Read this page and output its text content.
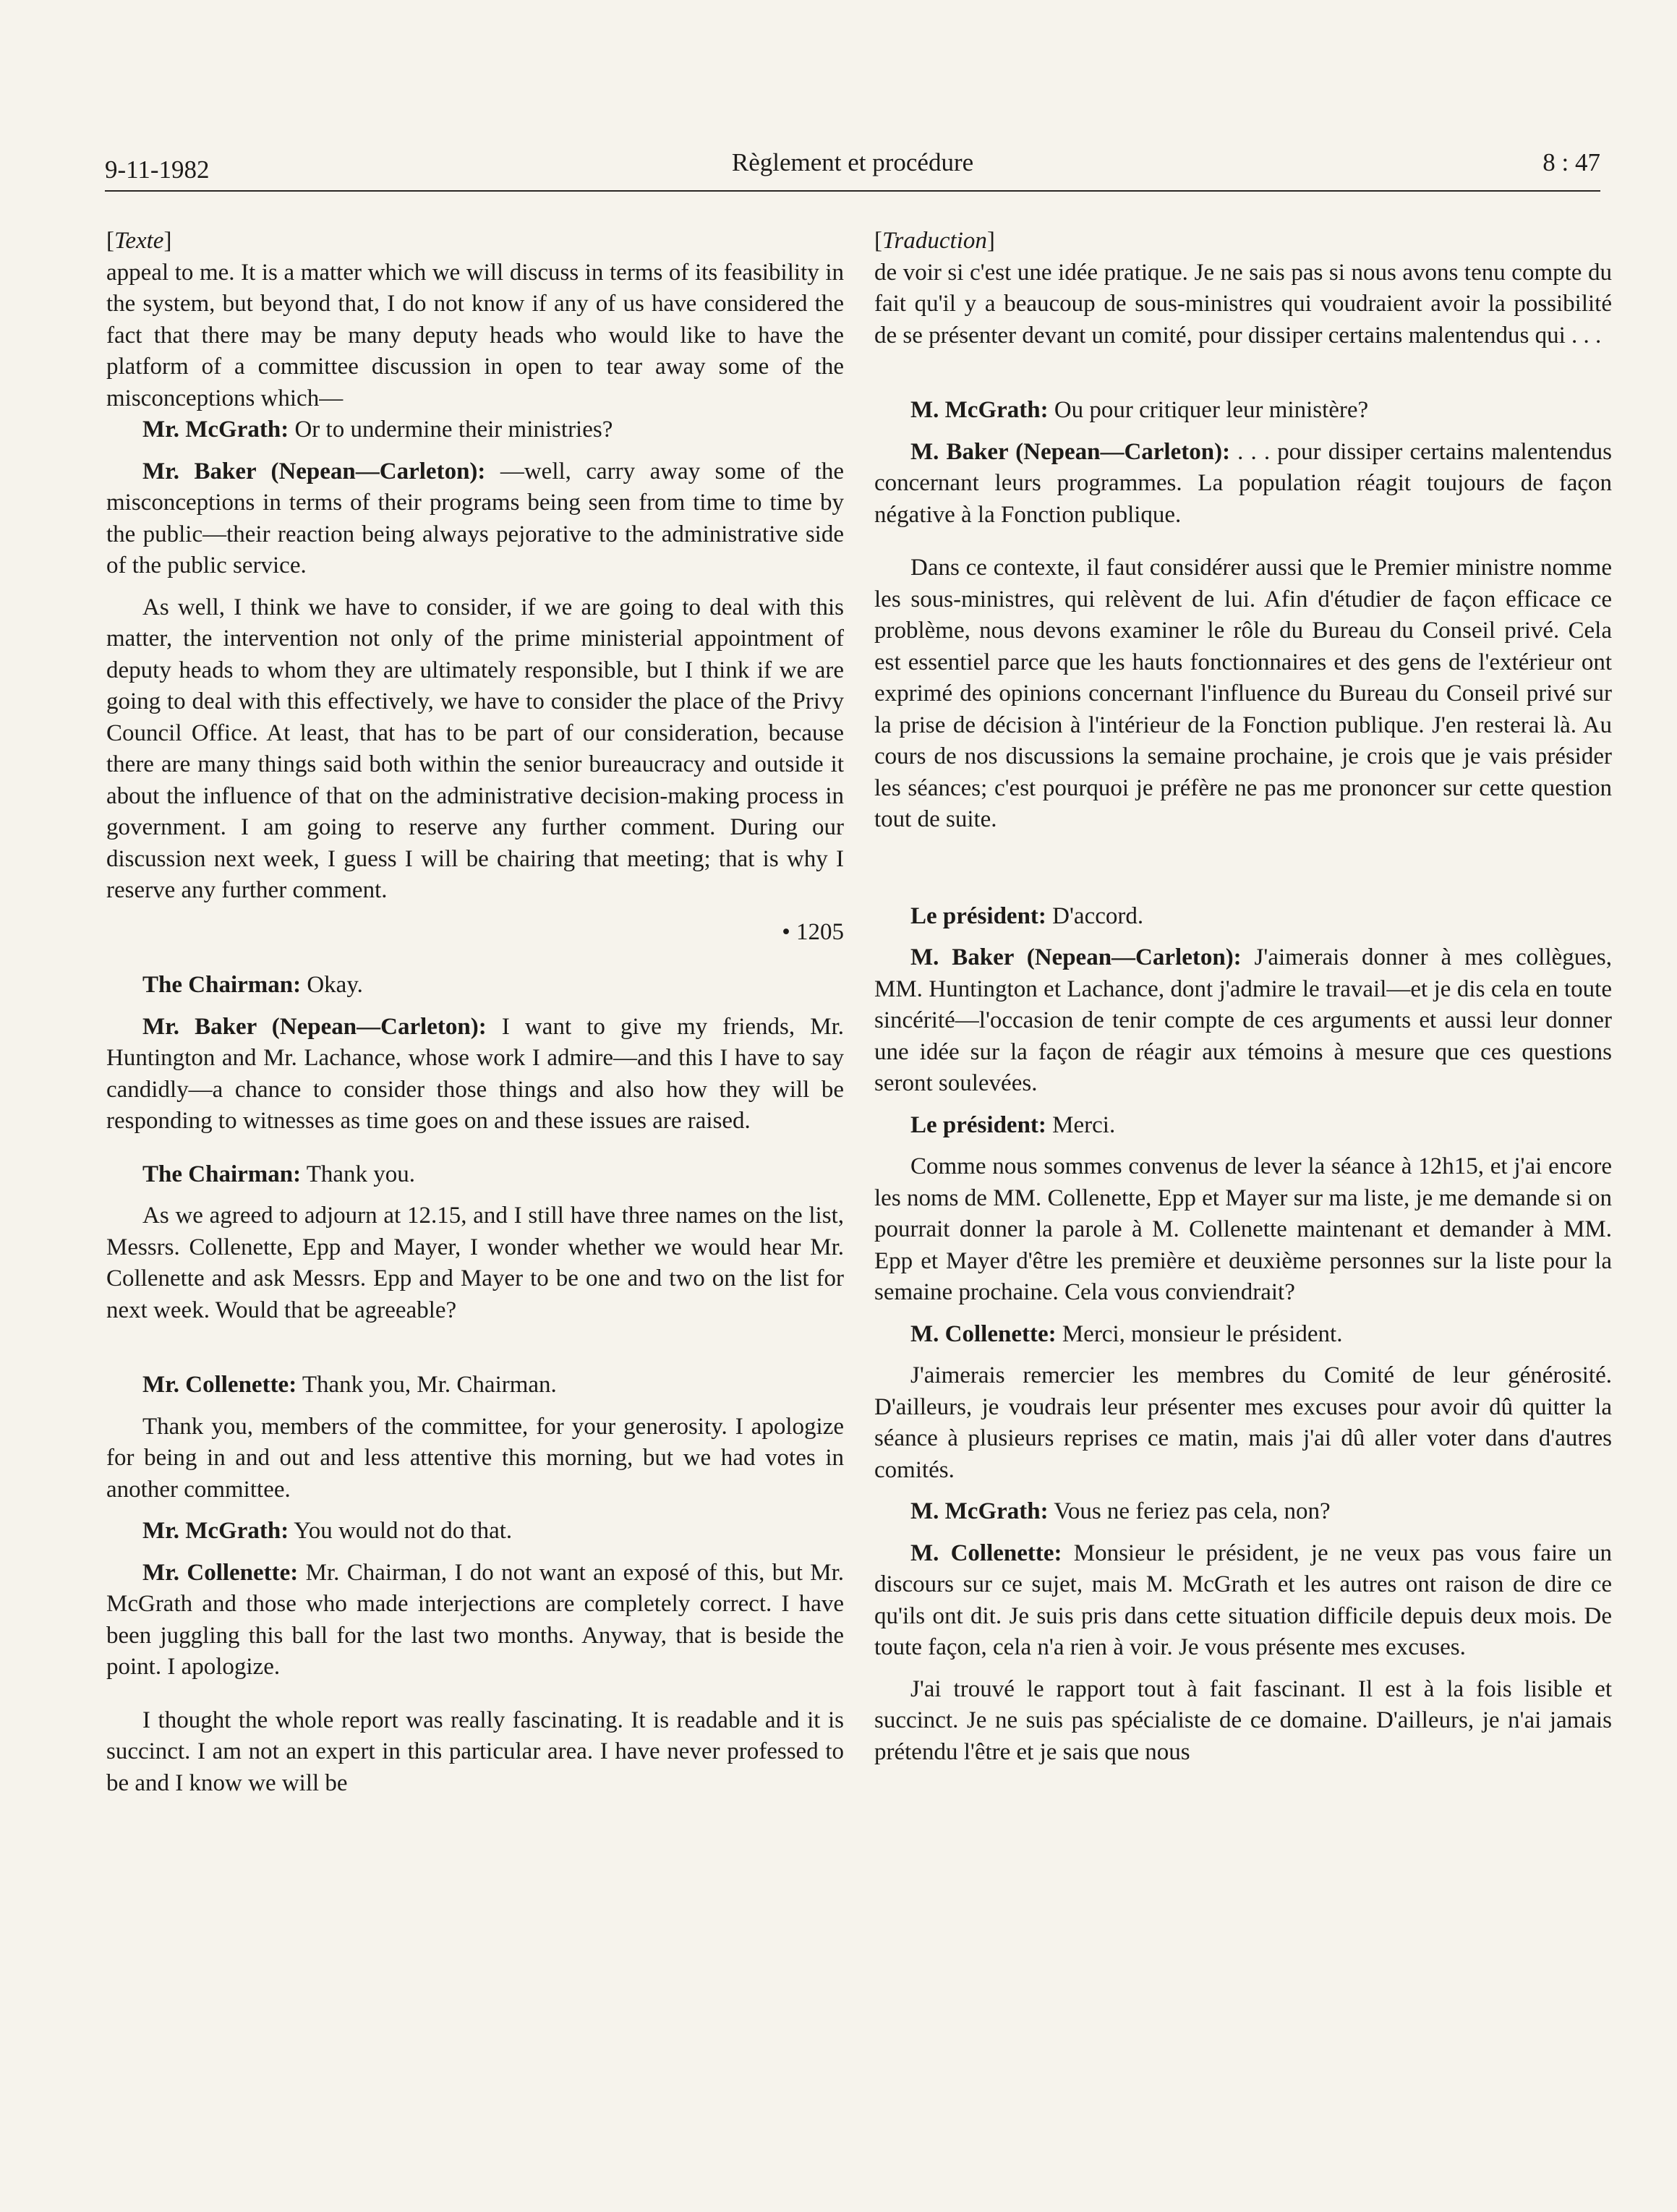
9-11-1982	Règlement et procédure	8 : 47

[Texte]

appeal to me. It is a matter which we will discuss in terms of its feasibility in the system, but beyond that, I do not know if any of us have considered the fact that there may be many deputy heads who would like to have the platform of a committee discussion in open to tear away some of the misconceptions which—

Mr. McGrath: Or to undermine their ministries?

Mr. Baker (Nepean—Carleton): —well, carry away some of the misconceptions in terms of their programs being seen from time to time by the public—their reaction being always pejorative to the administrative side of the public service.

As well, I think we have to consider, if we are going to deal with this matter, the intervention not only of the prime ministerial appointment of deputy heads to whom they are ultimately responsible, but I think if we are going to deal with this effectively, we have to consider the place of the Privy Council Office. At least, that has to be part of our consideration, because there are many things said both within the senior bureaucracy and outside it about the influence of that on the administrative decision-making process in government. I am going to reserve any further comment. During our discussion next week, I guess I will be chairing that meeting; that is why I reserve any further comment.

• 1205

The Chairman: Okay.

Mr. Baker (Nepean—Carleton): I want to give my friends, Mr. Huntington and Mr. Lachance, whose work I admire—and this I have to say candidly—a chance to consider those things and also how they will be responding to witnesses as time goes on and these issues are raised.

The Chairman: Thank you.

As we agreed to adjourn at 12.15, and I still have three names on the list, Messrs. Collenette, Epp and Mayer, I wonder whether we would hear Mr. Collenette and ask Messrs. Epp and Mayer to be one and two on the list for next week. Would that be agreeable?

Mr. Collenette: Thank you, Mr. Chairman.

Thank you, members of the committee, for your generosity. I apologize for being in and out and less attentive this morning, but we had votes in another committee.

Mr. McGrath: You would not do that.

Mr. Collenette: Mr. Chairman, I do not want an exposé of this, but Mr. McGrath and those who made interjections are completely correct. I have been juggling this ball for the last two months. Anyway, that is beside the point. I apologize.

I thought the whole report was really fascinating. It is readable and it is succinct. I am not an expert in this particular area. I have never professed to be and I know we will be

[Traduction]

de voir si c'est une idée pratique. Je ne sais pas si nous avons tenu compte du fait qu'il y a beaucoup de sous-ministres qui voudraient avoir la possibilité de se présenter devant un comité, pour dissiper certains malentendus qui . . .

M. McGrath: Ou pour critiquer leur ministère?

M. Baker (Nepean—Carleton): . . . pour dissiper certains malentendus concernant leurs programmes. La population réagit toujours de façon négative à la Fonction publique.

Dans ce contexte, il faut considérer aussi que le Premier ministre nomme les sous-ministres, qui relèvent de lui. Afin d'étudier de façon efficace ce problème, nous devons examiner le rôle du Bureau du Conseil privé. Cela est essentiel parce que les hauts fonctionnaires et des gens de l'extérieur ont exprimé des opinions concernant l'influence du Bureau du Conseil privé sur la prise de décision à l'intérieur de la Fonction publique. J'en resterai là. Au cours de nos discussions la semaine prochaine, je crois que je vais présider les séances; c'est pourquoi je préfère ne pas me prononcer sur cette question tout de suite.

Le président: D'accord.

M. Baker (Nepean—Carleton): J'aimerais donner à mes collègues, MM. Huntington et Lachance, dont j'admire le travail—et je dis cela en toute sincérité—l'occasion de tenir compte de ces arguments et aussi leur donner une idée sur la façon de réagir aux témoins à mesure que ces questions seront soulevées.

Le président: Merci.

Comme nous sommes convenus de lever la séance à 12h15, et j'ai encore les noms de MM. Collenette, Epp et Mayer sur ma liste, je me demande si on pourrait donner la parole à M. Collenette maintenant et demander à MM. Epp et Mayer d'être les première et deuxième personnes sur la liste pour la semaine prochaine. Cela vous conviendrait?

M. Collenette: Merci, monsieur le président.

J'aimerais remercier les membres du Comité de leur générosité. D'ailleurs, je voudrais leur présenter mes excuses pour avoir dû quitter la séance à plusieurs reprises ce matin, mais j'ai dû aller voter dans d'autres comités.

M. McGrath: Vous ne feriez pas cela, non?

M. Collenette: Monsieur le président, je ne veux pas vous faire un discours sur ce sujet, mais M. McGrath et les autres ont raison de dire ce qu'ils ont dit. Je suis pris dans cette situation difficile depuis deux mois. De toute façon, cela n'a rien à voir. Je vous présente mes excuses.

J'ai trouvé le rapport tout à fait fascinant. Il est à la fois lisible et succinct. Je ne suis pas spécialiste de ce domaine. D'ailleurs, je n'ai jamais prétendu l'être et je sais que nous
